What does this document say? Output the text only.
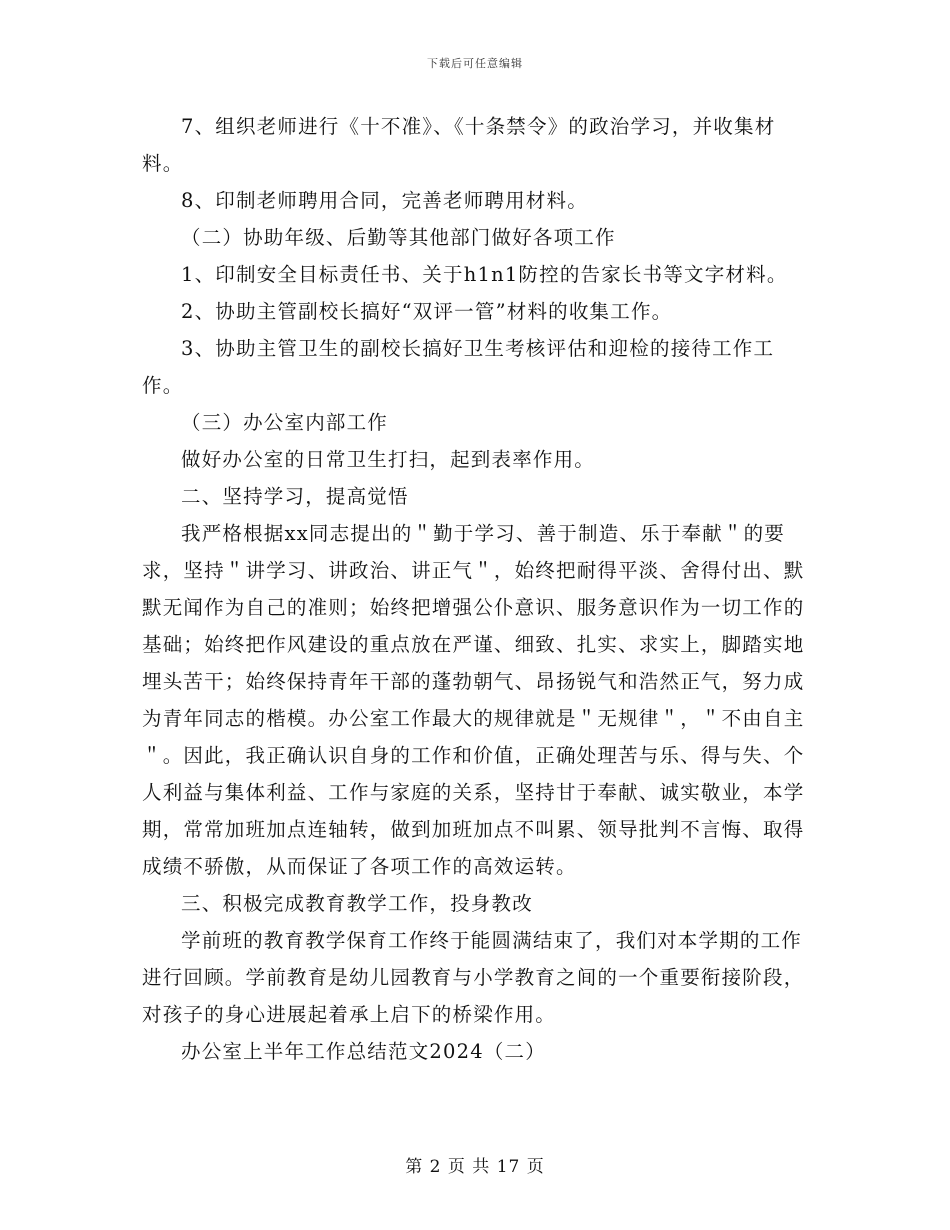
下载后可任意编辑

7、组织老师进行《十不准》、《十条禁令》的政治学习，并收集材料。

8、印制老师聘用合同，完善老师聘用材料。

（二）协助年级、后勤等其他部门做好各项工作

1、印制安全目标责任书、关于h1n1防控的告家长书等文字材料。

2、协助主管副校长搞好“双评一管”材料的收集工作。

3、协助主管卫生的副校长搞好卫生考核评估和迎检的接待工作工作。

（三）办公室内部工作

做好办公室的日常卫生打扫，起到表率作用。

二、坚持学习，提高觉悟

我严格根据xx同志提出的＂勤于学习、善于制造、乐于奉献＂的要求，坚持＂讲学习、讲政治、讲正气＂，始终把耐得平淡、舍得付出、默默无闻作为自己的准则；始终把增强公仆意识、服务意识作为一切工作的基础；始终把作风建设的重点放在严谨、细致、扎实、求实上，脚踏实地埋头苦干；始终保持青年干部的蓬勃朝气、昂扬锐气和浩然正气，努力成为青年同志的楷模。办公室工作最大的规律就是＂无规律＂，＂不由自主＂。因此，我正确认识自身的工作和价值，正确处理苦与乐、得与失、个人利益与集体利益、工作与家庭的关系，坚持甘于奉献、诚实敬业，本学期，常常加班加点连轴转，做到加班加点不叫累、领导批判不言悔、取得成绩不骄傲，从而保证了各项工作的高效运转。

三、积极完成教育教学工作，投身教改

学前班的教育教学保育工作终于能圆满结束了，我们对本学期的工作进行回顾。学前教育是幼儿园教育与小学教育之间的一个重要衔接阶段，对孩子的身心进展起着承上启下的桥梁作用。

办公室上半年工作总结范文2024（二）

第 2 页 共 17 页
